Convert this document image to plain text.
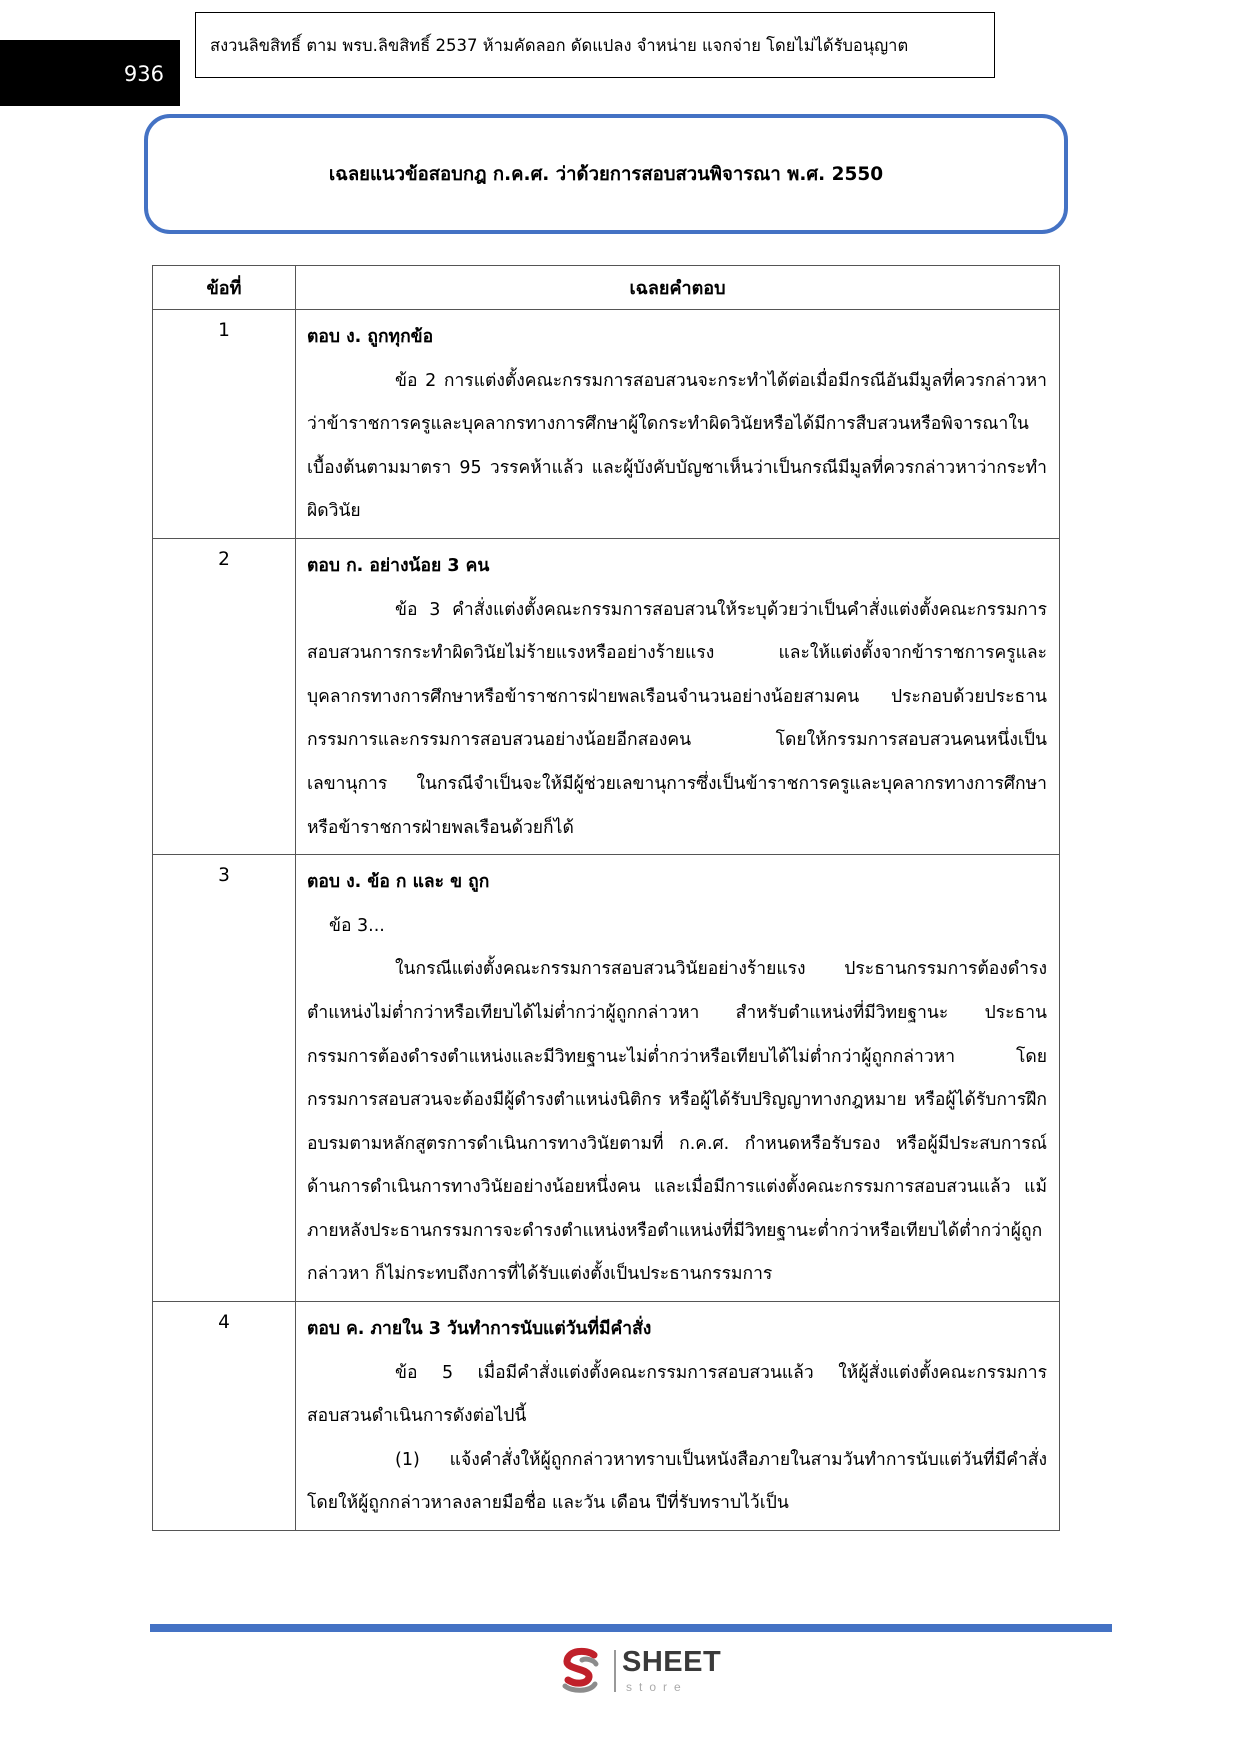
936
สงวนลิขสิทธิ์ ตาม พรบ.ลิขสิทธิ์ 2537 ห้ามคัดลอก ดัดแปลง จำหน่าย แจกจ่าย โดยไม่ได้รับอนุญาต
เฉลยแนวข้อสอบกฎ ก.ค.ศ. ว่าด้วยการสอบสวนพิจารณา พ.ศ. 2550
ข้อที่	เฉลยคำตอบ
1	ตอบ ง. ถูกทุกข้อ
ข้อ 2 การแต่งตั้งคณะกรรมการสอบสวนจะกระทำได้ต่อเมื่อมีกรณีอันมีมูลที่ควรกล่าวหาว่าข้าราชการครูและบุคลากรทางการศึกษาผู้ใดกระทำผิดวินัยหรือได้มีการสืบสวนหรือพิจารณาในเบื้องต้นตามมาตรา 95 วรรคห้าแล้ว และผู้บังคับบัญชาเห็นว่าเป็นกรณีมีมูลที่ควรกล่าวหาว่ากระทำผิดวินัย

2	ตอบ ก. อย่างน้อย 3 คน
ข้อ 3 คำสั่งแต่งตั้งคณะกรรมการสอบสวนให้ระบุด้วยว่าเป็นคำสั่งแต่งตั้งคณะกรรมการสอบสวนการกระทำผิดวินัยไม่ร้ายแรงหรืออย่างร้ายแรง และให้แต่งตั้งจากข้าราชการครูและบุคลากรทางการศึกษาหรือข้าราชการฝ่ายพลเรือนจำนวนอย่างน้อยสามคน ประกอบด้วยประธานกรรมการและกรรมการสอบสวนอย่างน้อยอีกสองคน โดยให้กรรมการสอบสวนคนหนึ่งเป็นเลขานุการ ในกรณีจำเป็นจะให้มีผู้ช่วยเลขานุการซึ่งเป็นข้าราชการครูและบุคลากรทางการศึกษาหรือข้าราชการฝ่ายพลเรือนด้วยก็ได้

3	ตอบ ง. ข้อ ก และ ข ถูก
ข้อ 3...
ในกรณีแต่งตั้งคณะกรรมการสอบสวนวินัยอย่างร้ายแรง ประธานกรรมการต้องดำรงตำแหน่งไม่ต่ำกว่าหรือเทียบได้ไม่ต่ำกว่าผู้ถูกกล่าวหา สำหรับตำแหน่งที่มีวิทยฐานะ ประธานกรรมการต้องดำรงตำแหน่งและมีวิทยฐานะไม่ต่ำกว่าหรือเทียบได้ไม่ต่ำกว่าผู้ถูกกล่าวหา โดยกรรมการสอบสวนจะต้องมีผู้ดำรงตำแหน่งนิติกร หรือผู้ได้รับปริญญาทางกฎหมาย หรือผู้ได้รับการฝึกอบรมตามหลักสูตรการดำเนินการทางวินัยตามที่ ก.ค.ศ. กำหนดหรือรับรอง หรือผู้มีประสบการณ์ด้านการดำเนินการทางวินัยอย่างน้อยหนึ่งคน และเมื่อมีการแต่งตั้งคณะกรรมการสอบสวนแล้ว แม้ภายหลังประธานกรรมการจะดำรงตำแหน่งหรือตำแหน่งที่มีวิทยฐานะต่ำกว่าหรือเทียบได้ต่ำกว่าผู้ถูกกล่าวหา ก็ไม่กระทบถึงการที่ได้รับแต่งตั้งเป็นประธานกรรมการ

4	ตอบ ค. ภายใน 3 วันทำการนับแต่วันที่มีคำสั่ง
ข้อ 5 เมื่อมีคำสั่งแต่งตั้งคณะกรรมการสอบสวนแล้ว ให้ผู้สั่งแต่งตั้งคณะกรรมการสอบสวนดำเนินการดังต่อไปนี้
(1) แจ้งคำสั่งให้ผู้ถูกกล่าวหาทราบเป็นหนังสือภายในสามวันทำการนับแต่วันที่มีคำสั่ง โดยให้ผู้ถูกกล่าวหาลงลายมือชื่อ และวัน เดือน ปีที่รับทราบไว้เป็น
SHEET
store
